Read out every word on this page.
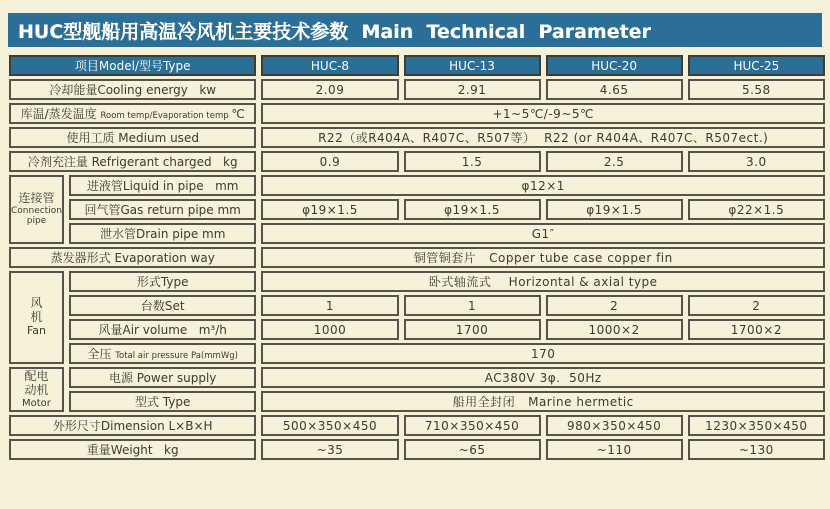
HUC型舰船用高温冷风机主要技术参数  Main  Technical  Parameter
项目Model/型号Type		HUC-8	HUC-13	HUC-20	HUC-25
冷却能量Cooling energy   kw		2.09	2.91	4.65	5.58
库温/蒸发温度 Room temp/Evaporation temp ℃		+1~5℃/-9~5℃			
使用工质 Medium used		R22（或R404A、R407C、R507等）  R22 (or R404A、R407C、R507ect.)			
冷剂充注量 Refrigerant charged   kg		0.9	1.5	2.5	3.0

连接管
Connection
pipe	进液管Liquid in pipe   mm	φ12×1			
	回气管Gas return pipe mm	φ19×1.5	φ19×1.5	φ19×1.5	φ22×1.5
	泄水管Drain pipe mm	G1″			
蒸发器形式 Evaporation way		铜管铜套片   Copper tube case copper fin			

风
机
Fan	形式Type	卧式轴流式    Horizontal & axial type			
	台数Set	1	1	2	2
	风量Air volume   m³/h	1000	1700	1000×2	1700×2
	全压 Total air pressure Pa(mmWg)	170			

配电
动机
Motor	电源 Power supply	AC380V 3φ.  50Hz			
	型式 Type	船用全封闭   Marine hermetic			
外形尺寸Dimension L×B×H		500×350×450	710×350×450	980×350×450	1230×350×450
重量Weight   kg		~35	~65	~110	~130
